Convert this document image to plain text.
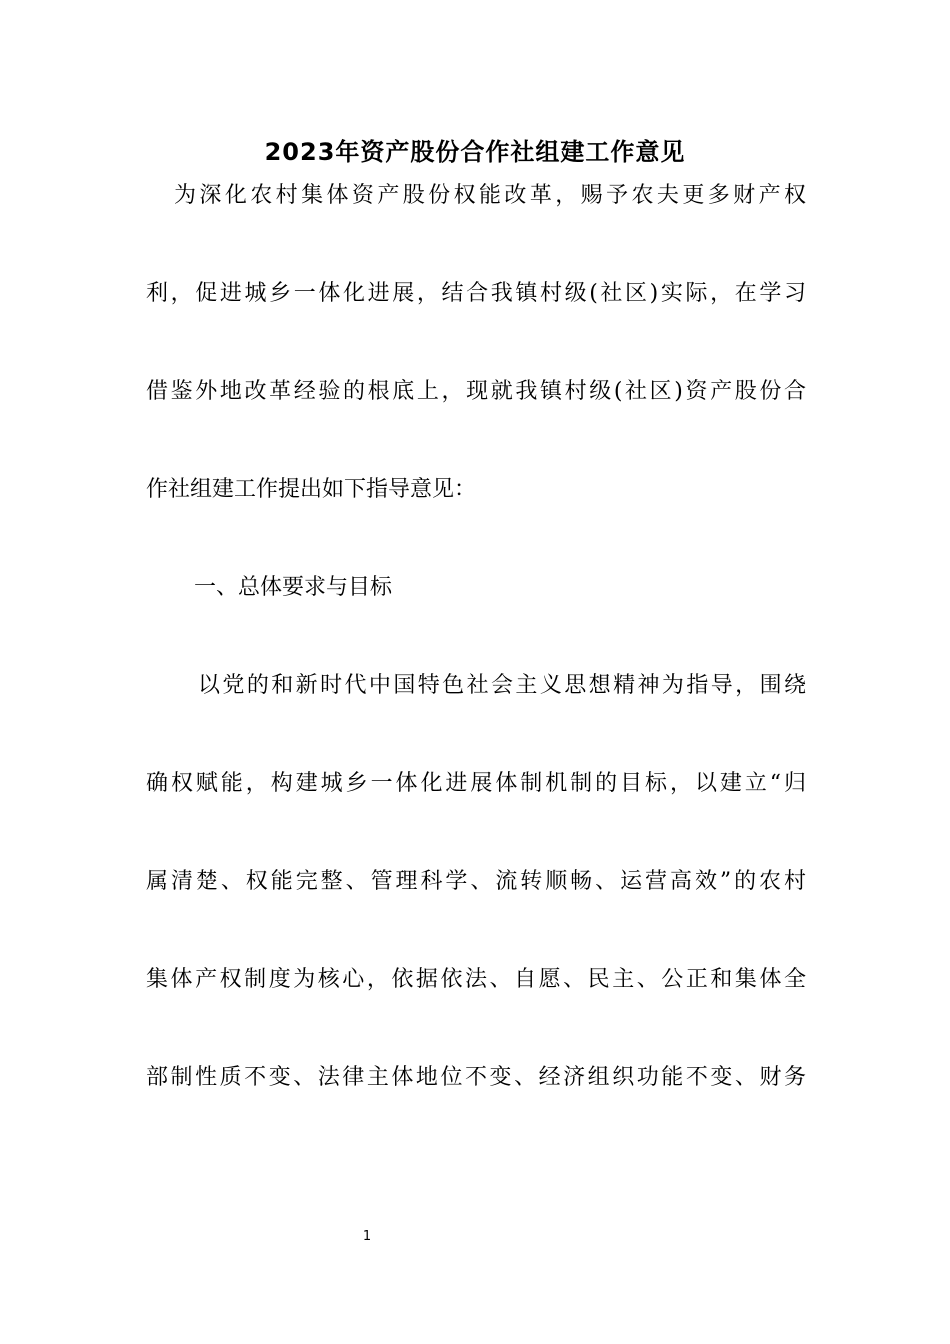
2023年资产股份合作社组建工作意见
为深化农村集体资产股份权能改革，赐予农夫更多财产权
利，促进城乡一体化进展，结合我镇村级(社区)实际，在学习
借鉴外地改革经验的根底上，现就我镇村级(社区)资产股份合
作社组建工作提出如下指导意见：
一、总体要求与目标
以党的和新时代中国特色社会主义思想精神为指导，围绕
确权赋能，构建城乡一体化进展体制机制的目标，以建立“归
属清楚、权能完整、管理科学、流转顺畅、运营高效”的农村
集体产权制度为核心，依据依法、自愿、民主、公正和集体全
部制性质不变、法律主体地位不变、经济组织功能不变、财务
1
